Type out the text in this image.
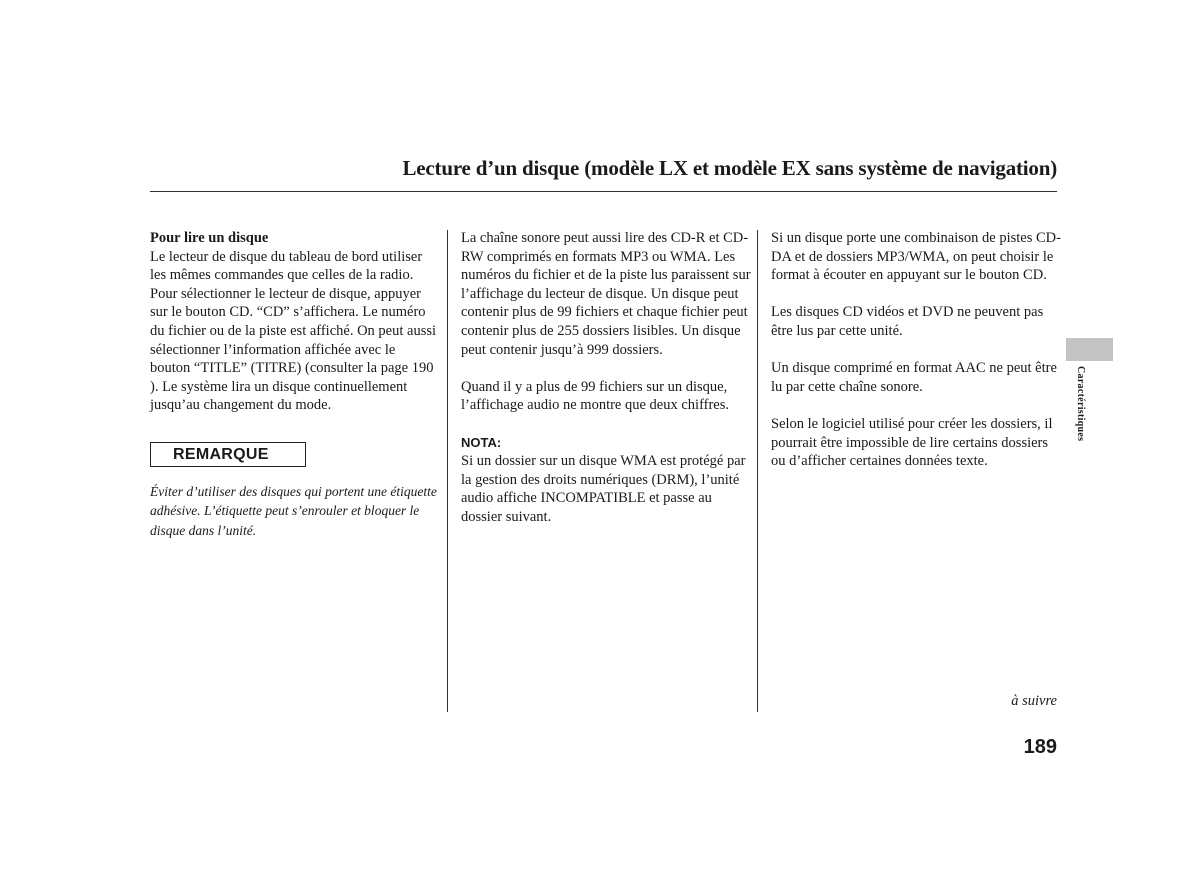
Lecture d’un disque (modèle LX et modèle EX sans système de navigation)
Pour lire un disque

Le lecteur de disque du tableau de bord utiliser les mêmes commandes que celles de la radio. Pour sélectionner le lecteur de disque, appuyer sur le bouton CD. “CD” s’affichera. Le numéro du fichier ou de la piste est affiché. On peut aussi sélectionner l’information affichée avec le bouton “TITLE” (TITRE) (consulter la page 190 ). Le système lira un disque continuellement jusqu’au changement du mode.

REMARQUE
Éviter d’utiliser des disques qui portent une étiquette adhésive. L’étiquette peut s’enrouler et bloquer le disque dans l’unité.

La chaîne sonore peut aussi lire des CD-R et CD-RW comprimés en formats MP3 ou WMA. Les numéros du fichier et de la piste lus paraissent sur l’affichage du lecteur de disque. Un disque peut contenir plus de 99 fichiers et chaque fichier peut contenir plus de 255 dossiers lisibles. Un disque peut contenir jusqu’à 999 dossiers.

Quand il y a plus de 99 fichiers sur un disque, l’affichage audio ne montre que deux chiffres.

NOTA:

Si un dossier sur un disque WMA est protégé par la gestion des droits numériques (DRM), l’unité audio affiche INCOMPATIBLE et passe au dossier suivant.

Si un disque porte une combinaison de pistes CD-DA et de dossiers MP3/WMA, on peut choisir le format à écouter en appuyant sur le bouton CD.

Les disques CD vidéos et DVD ne peuvent pas être lus par cette unité.

Un disque comprimé en format AAC ne peut être lu par cette chaîne sonore.

Selon le logiciel utilisé pour créer les dossiers, il pourrait être impossible de lire certains dossiers ou d’afficher certaines données texte.

Caractéristiques
à suivre
189
